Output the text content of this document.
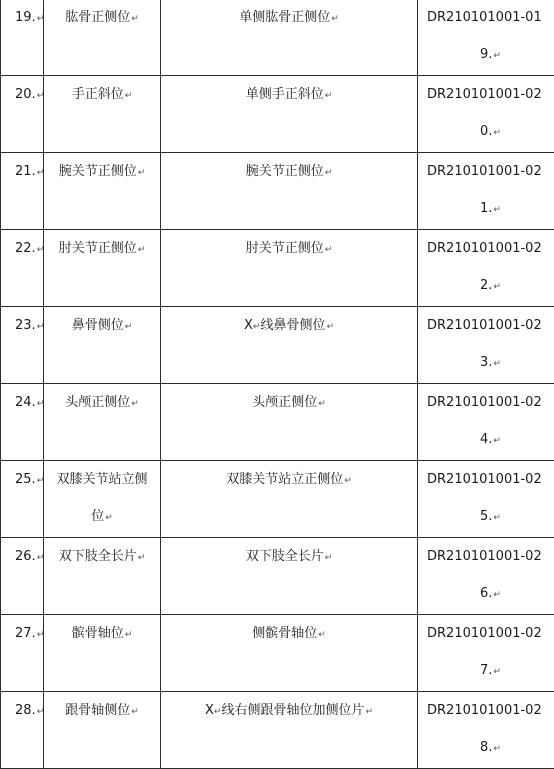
19.↵	肱骨正侧位↵	单侧肱骨正侧位↵	DR210101001-01
9.↵

20.↵	手正斜位↵	单侧手正斜位↵	DR210101001-02
0.↵

21.↵	腕关节正侧位↵	腕关节正侧位↵	DR210101001-02
1.↵

22.↵	肘关节正侧位↵	肘关节正侧位↵	DR210101001-02
2.↵

23.↵	鼻骨侧位↵	X↵线鼻骨侧位↵	DR210101001-02
3.↵

24.↵	头颅正侧位↵	头颅正侧位↵	DR210101001-02
4.↵

25.↵	双膝关节站立侧
位↵	双膝关节站立正侧位↵	DR210101001-02
5.↵

26.↵	双下肢全长片↵	双下肢全长片↵	DR210101001-02
6.↵

27.↵	髌骨轴位↵	侧髌骨轴位↵	DR210101001-02
7.↵

28.↵	跟骨轴侧位↵	X↵线右侧跟骨轴位加侧位片↵	DR210101001-02
8.↵
